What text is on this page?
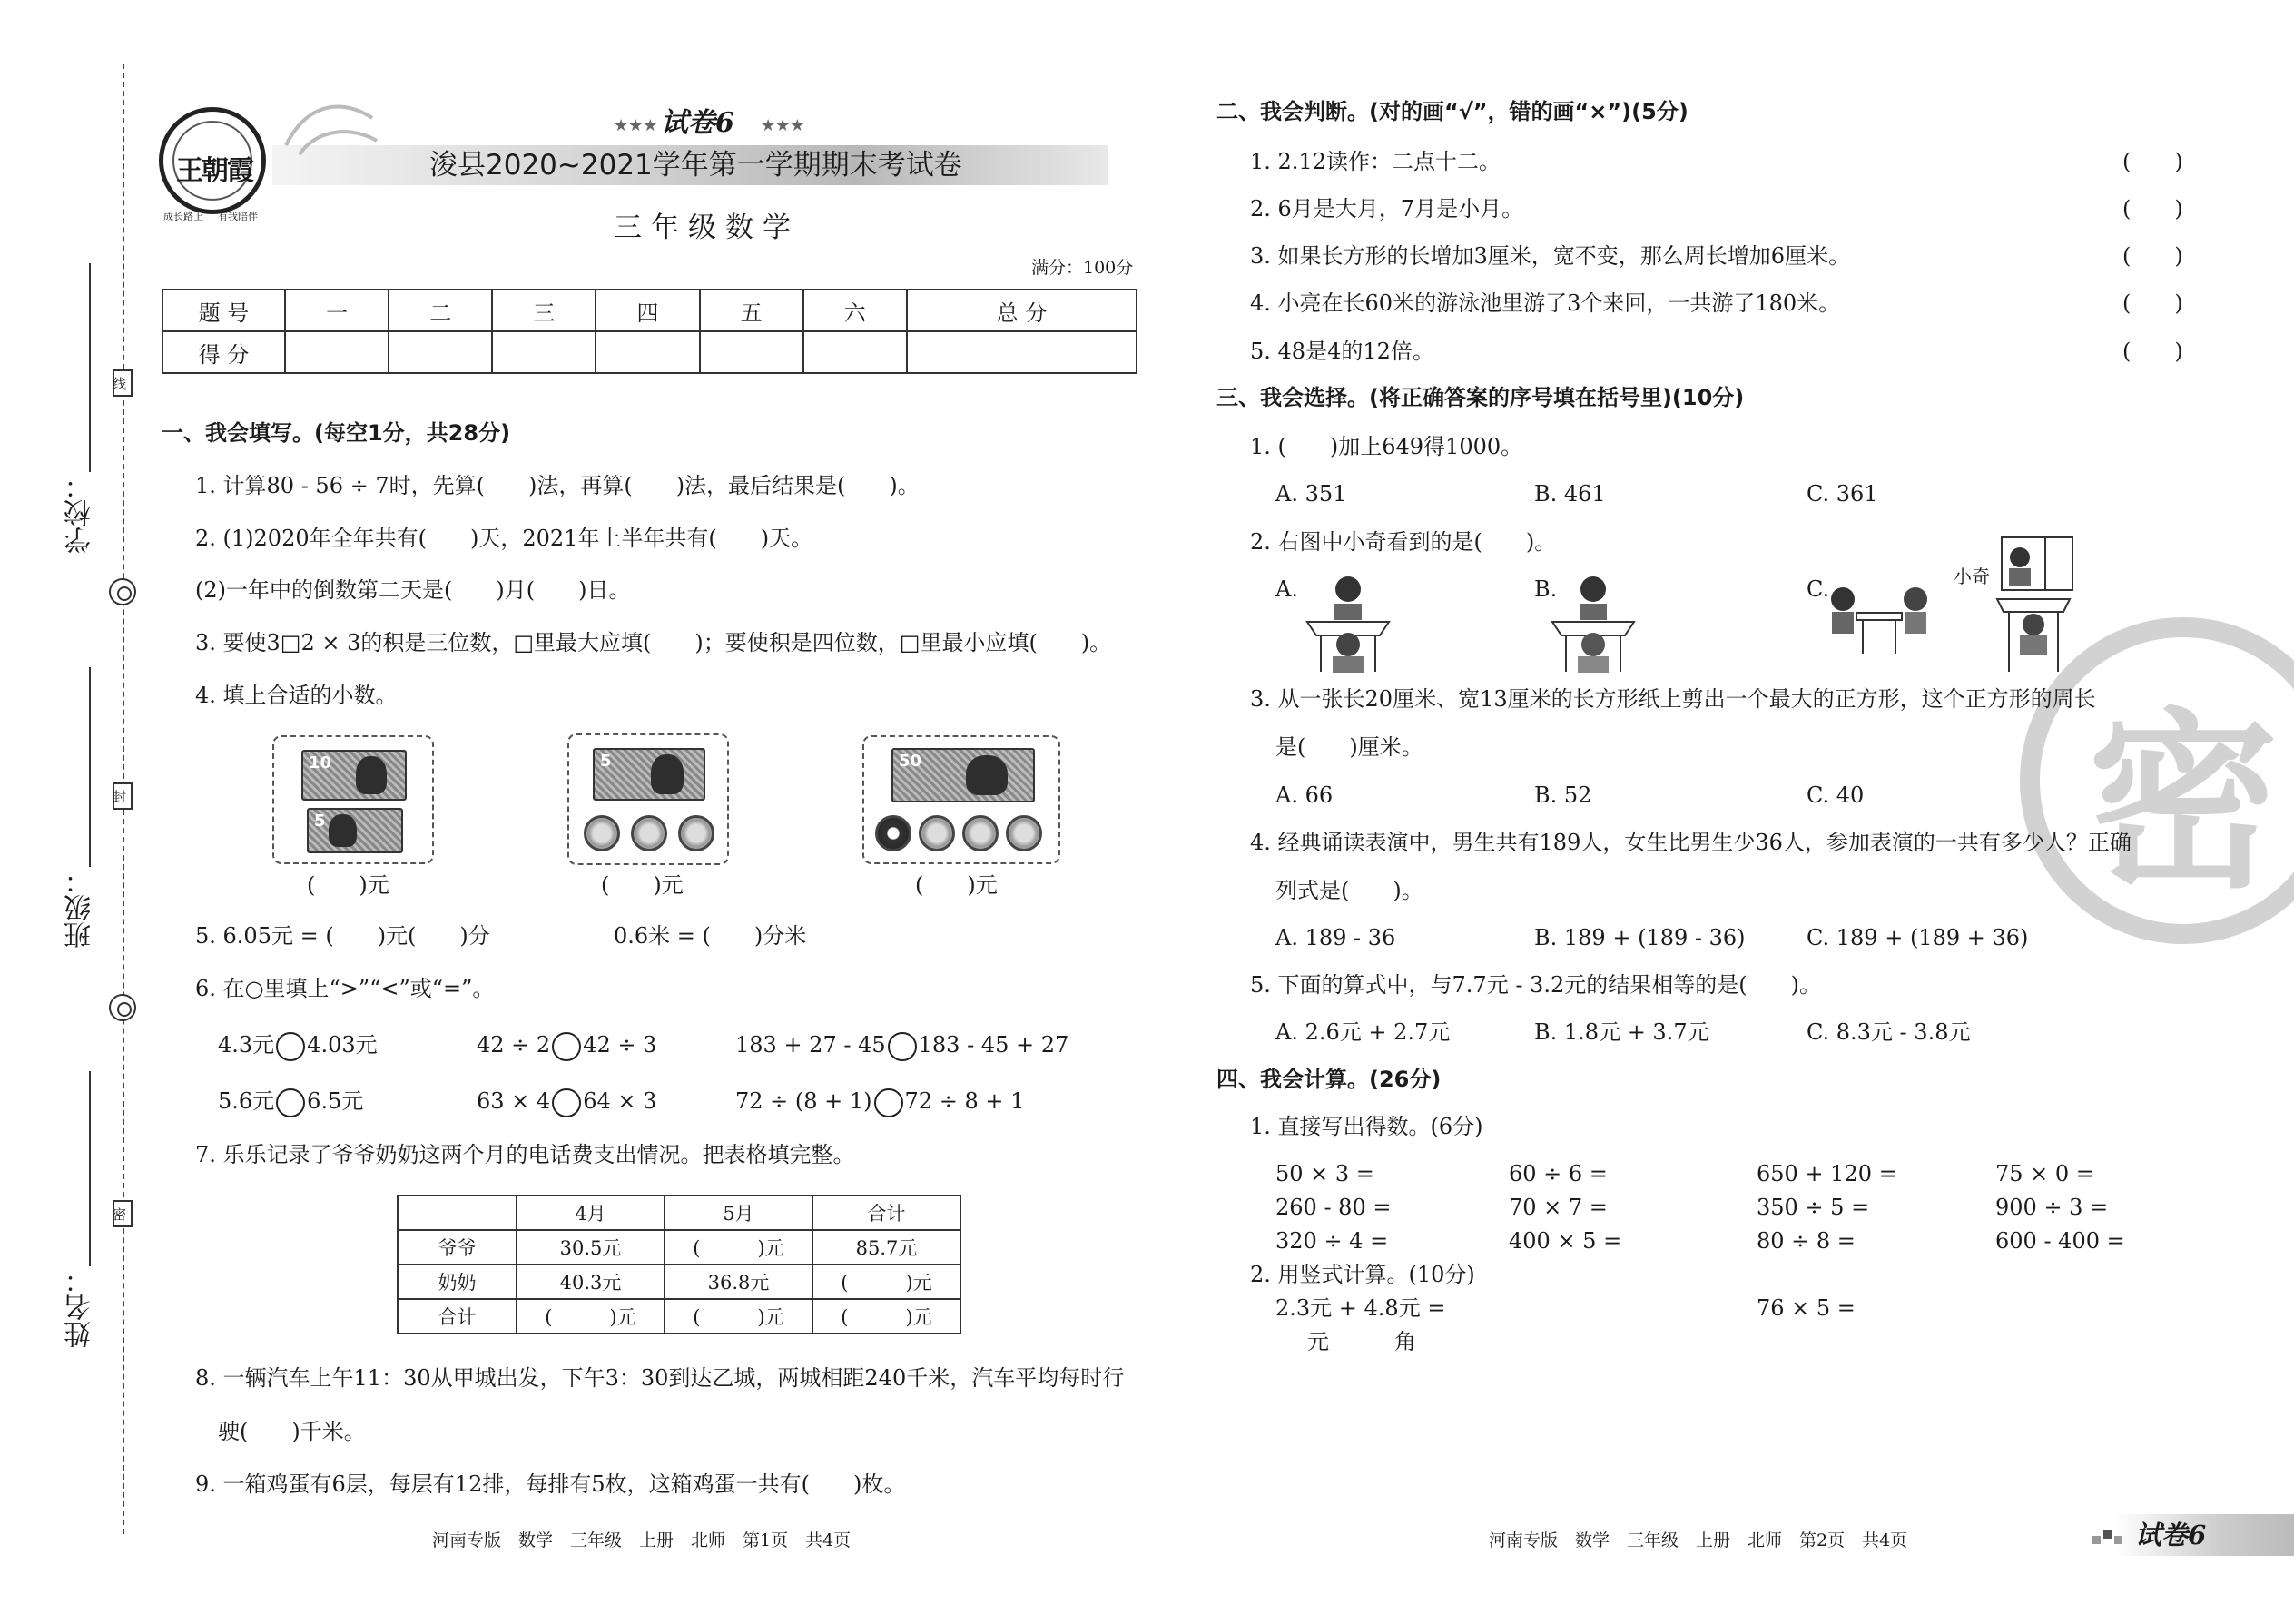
学校：
班级：
姓名：
线
封
密
王朝霞
成长路上 有我陪伴
★★★ 试卷6 ★★★
浚县2020~2021学年第一学期期末考试卷
三年级数学
满分：100分
题 号	一	二	三	四	五	六	总 分
得 分							
一、我会填写。(每空1分，共28分)
1. 计算80 - 56 ÷ 7时，先算(　　)法，再算(　　)法，最后结果是(　　)。
2. (1)2020年全年共有(　　)天，2021年上半年共有(　　)天。
(2)一年中的倒数第二天是(　　)月(　　)日。
3. 要使3□2 × 3的积是三位数，□里最大应填(　　)；要使积是四位数，□里最小应填(　　)。
4. 填上合适的小数。
10
5
(　　)元
5
(　　)元
50
(　　)元
5. 6.05元 = (　　)元(　　)分	0.6米 = (　　)分米
6. 在○里填上“>”“<”或“=”。
4.3元 4.03元	42 ÷ 2 42 ÷ 3	183 + 27 - 45 183 - 45 + 27
5.6元 6.5元	63 × 4 64 × 3	72 ÷ (8 + 1) 72 ÷ 8 + 1
7. 乐乐记录了爷爷奶奶这两个月的电话费支出情况。把表格填完整。
	4月	5月	合计
爷爷	30.5元	(　　　)元	85.7元
奶奶	40.3元	36.8元	(　　　)元
合计	(　　　)元	(　　　)元	(　　　)元
8. 一辆汽车上午11：30从甲城出发，下午3：30到达乙城，两城相距240千米，汽车平均每时行
驶(　　)千米。
9. 一箱鸡蛋有6层，每层有12排，每排有5枚，这箱鸡蛋一共有(　　)枚。
河南专版　数学　三年级　上册　北师　第1页　共4页
密
二、我会判断。(对的画“√”，错的画“×”)(5分)
1. 2.12读作：二点十二。	(　　)
2. 6月是大月，7月是小月。	(　　)
3. 如果长方形的长增加3厘米，宽不变，那么周长增加6厘米。	(　　)
4. 小亮在长60米的游泳池里游了3个来回，一共游了180米。	(　　)
5. 48是4的12倍。	(　　)
三、我会选择。(将正确答案的序号填在括号里)(10分)
1. (　　)加上649得1000。
A. 351	B. 461	C. 361
2. 右图中小奇看到的是(　　)。
A.	B.	C.	小奇
3. 从一张长20厘米、宽13厘米的长方形纸上剪出一个最大的正方形，这个正方形的周长
是(　　)厘米。
A. 66	B. 52	C. 40
4. 经典诵读表演中，男生共有189人，女生比男生少36人，参加表演的一共有多少人？正确
列式是(　　)。
A. 189 - 36	B. 189 + (189 - 36)	C. 189 + (189 + 36)
5. 下面的算式中，与7.7元 - 3.2元的结果相等的是(　　)。
A. 2.6元 + 2.7元	B. 1.8元 + 3.7元	C. 8.3元 - 3.8元
四、我会计算。(26分)
1. 直接写出得数。(6分)
50 × 3 =	60 ÷ 6 =	650 + 120 =	75 × 0 =
260 - 80 =	70 × 7 =	350 ÷ 5 =	900 ÷ 3 =
320 ÷ 4 =	400 × 5 =	80 ÷ 8 =	600 - 400 =
2. 用竖式计算。(10分)
2.3元 + 4.8元 =
元　　　角
76 × 5 =
河南专版　数学　三年级　上册　北师　第2页　共4页	试卷6
